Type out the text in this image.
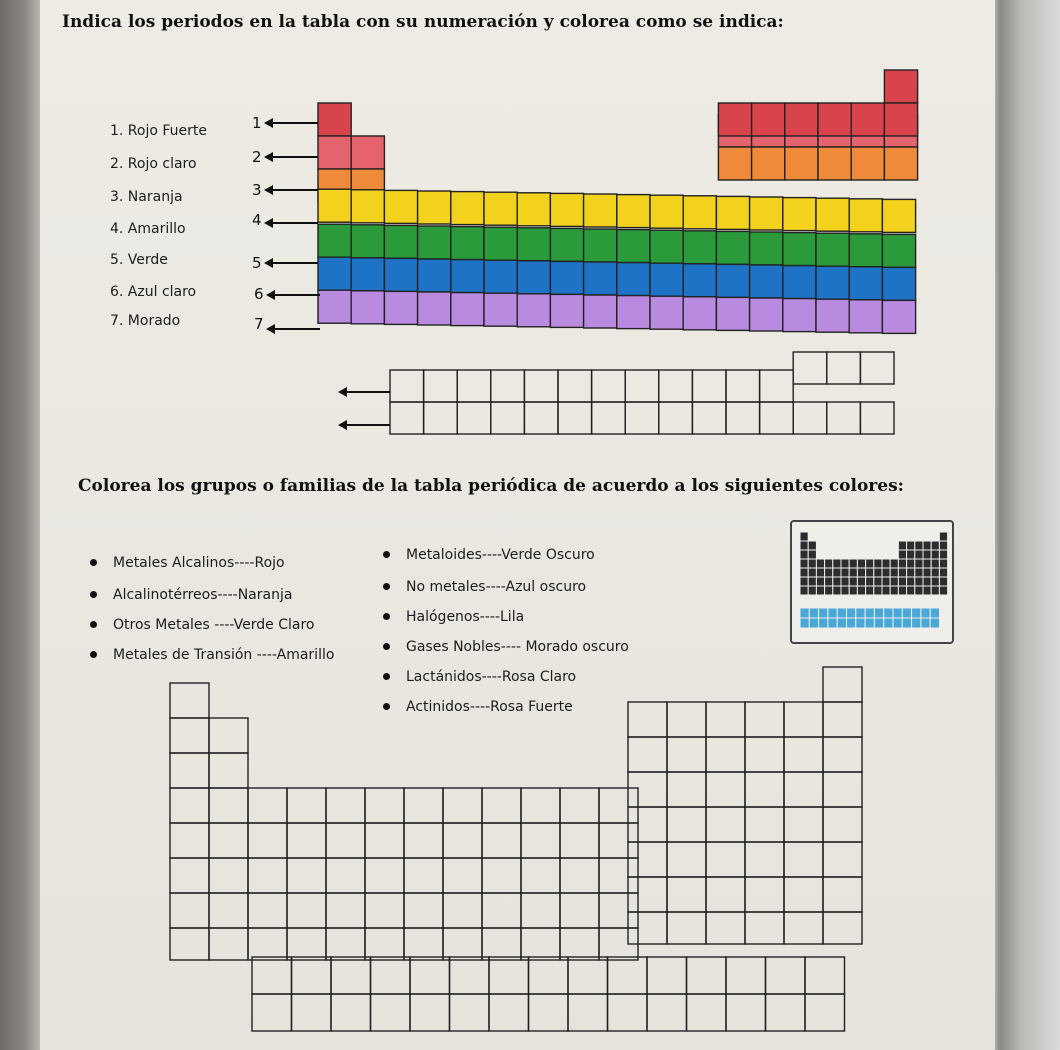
Indica los periodos en la tabla con su numeración y colorea como se indica:
1. Rojo Fuerte
2. Rojo claro
3. Naranja
4. Amarillo
5. Verde
6. Azul claro
7. Morado
1
2
3
4
5
6
7
Colorea los grupos o familias de la tabla periódica de acuerdo a los siguientes colores:
Metales Alcalinos----Rojo
Alcalinotérreos----Naranja
Otros Metales ----Verde Claro
Metales de Transión ----Amarillo
Metaloides----Verde Oscuro
No metales----Azul oscuro
Halógenos----Lila
Gases Nobles---- Morado oscuro
Lactánidos----Rosa Claro
Actinidos----Rosa Fuerte
